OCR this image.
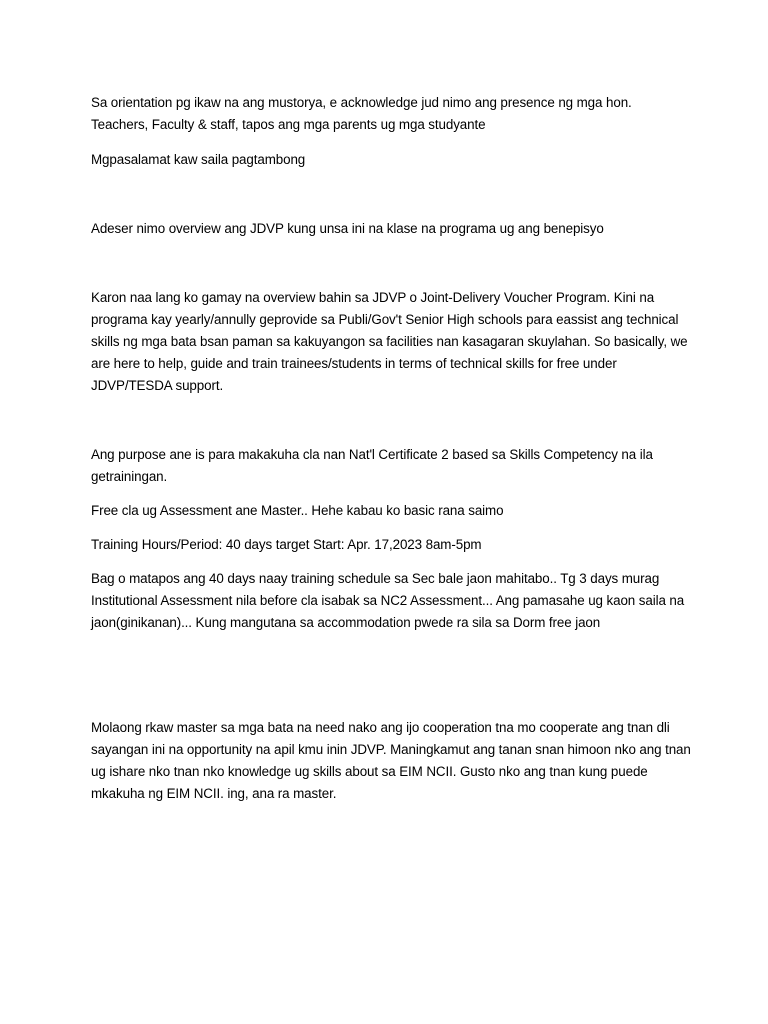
Sa orientation pg ikaw na ang mustorya, e acknowledge jud nimo ang presence ng mga hon. Teachers, Faculty & staff, tapos ang mga parents ug mga studyante

Mgpasalamat kaw saila pagtambong

Adeser nimo overview ang JDVP kung unsa ini na klase na programa ug ang benepisyo

Karon naa lang ko gamay na overview bahin sa JDVP o Joint-Delivery Voucher Program. Kini na programa kay yearly/annully geprovide sa Publi/Gov't Senior High schools para eassist ang technical skills ng mga bata bsan paman sa kakuyangon sa facilities nan kasagaran skuylahan. So basically, we are here to help, guide and train trainees/students in terms of technical skills for free under JDVP/TESDA support.

Ang purpose ane is para makakuha cla nan Nat'l Certificate 2 based sa Skills Competency na ila getrainingan.

Free cla ug Assessment ane Master.. Hehe kabau ko basic rana saimo

Training Hours/Period: 40 days target Start: Apr. 17,2023 8am-5pm

Bag o matapos ang 40 days naay training schedule sa Sec bale jaon mahitabo.. Tg 3 days murag Institutional Assessment nila before cla isabak sa NC2 Assessment... Ang pamasahe ug kaon saila na jaon(ginikanan)... Kung mangutana sa accommodation pwede ra sila sa Dorm free jaon

Molaong rkaw master sa mga bata na need nako ang ijo cooperation tna mo cooperate ang tnan dli sayangan ini na opportunity na apil kmu inin JDVP. Maningkamut ang tanan snan himoon nko ang tnan ug ishare nko tnan nko knowledge ug skills about sa EIM NCII. Gusto nko ang tnan kung puede mkakuha ng EIM NCII. ing, ana ra master.
